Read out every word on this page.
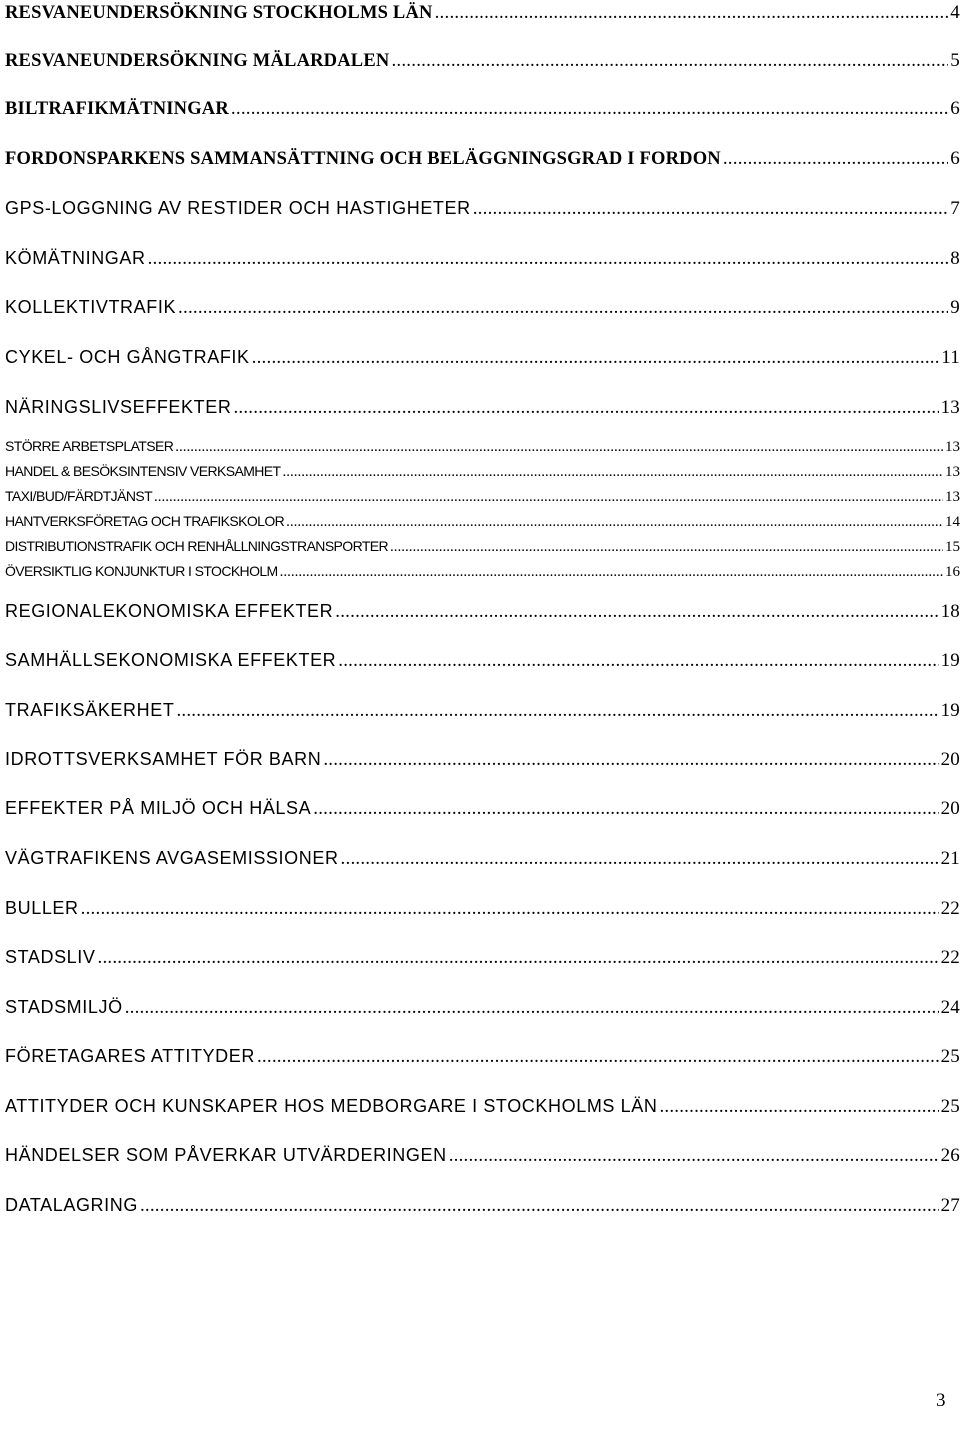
RESVANEUNDERSÖKNING STOCKHOLMS LÄN .....	4
RESVANEUNDERSÖKNING MÄLARDALEN .....	5
BILTRAFIKMÄTNINGAR .....	6
FORDONSPARKENS SAMMANSÄTTNING OCH BELÄGGNINGSGRAD I FORDON .....	6
GPS-LOGGNING AV RESTIDER OCH HASTIGHETER .....	7
KÖMÄTNINGAR .....	8
KOLLEKTIVTRAFIK .....	9
CYKEL- OCH GÅNGTRAFIK .....	11
NÄRINGSLIVSEFFEKTER .....	13
STÖRRE ARBETSPLATSER .....	13
HANDEL & BESÖKSINTENSIV VERKSAMHET .....	13
TAXI/BUD/FÄRDTJÄNST .....	13
HANTVERKSFÖRETAG OCH TRAFIKSKOLOR .....	14
DISTRIBUTIONSTRAFIK OCH RENHÅLLNINGSTRANSPORTER .....	15
ÖVERSIKTLIG KONJUNKTUR I STOCKHOLM .....	16
REGIONALEKONOMISKA EFFEKTER .....	18
SAMHÄLLSEKONOMISKA EFFEKTER .....	19
TRAFIKSÄKERHET .....	19
IDROTTSVERKSAMHET FÖR BARN .....	20
EFFEKTER PÅ MILJÖ OCH HÄLSA .....	20
VÄGTRAFIKENS AVGASEMISSIONER .....	21
BULLER .....	22
STADSLIV .....	22
STADSMILJÖ .....	24
FÖRETAGARES ATTITYDER .....	25
ATTITYDER OCH KUNSKAPER HOS MEDBORGARE I STOCKHOLMS LÄN .....	25
HÄNDELSER SOM PÅVERKAR UTVÄRDERINGEN .....	26
DATALAGRING .....	27
3
